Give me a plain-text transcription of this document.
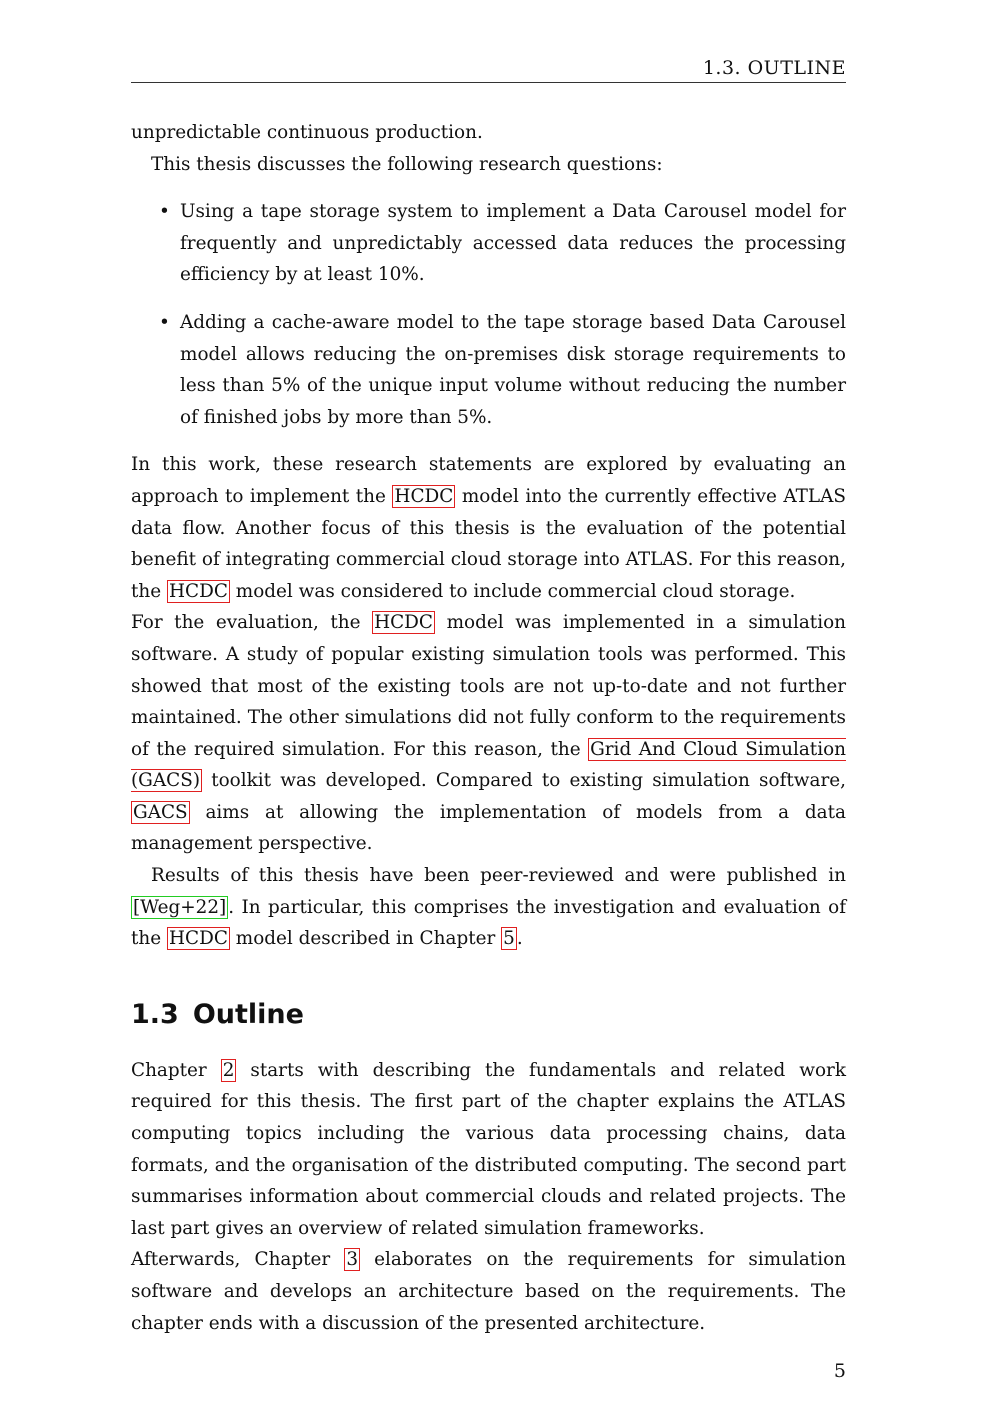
1.3. OUTLINE

unpredictable continuous production.

This thesis discusses the following research questions:

• Using a tape storage system to implement a Data Carousel model for frequently and unpredictably accessed data reduces the processing efficiency by at least 10%.
• Adding a cache-aware model to the tape storage based Data Carousel model allows reducing the on-premises disk storage requirements to less than 5% of the unique input volume without reducing the number of finished jobs by more than 5%.

In this work, these research statements are explored by evaluating an approach to implement the HCDC model into the currently effective ATLAS data flow. Another focus of this thesis is the evaluation of the potential benefit of integrating commercial cloud storage into ATLAS. For this reason, the HCDC model was considered to include commercial cloud storage.

For the evaluation, the HCDC model was implemented in a simulation software. A study of popular existing simulation tools was performed. This showed that most of the existing tools are not up-to-date and not further maintained. The other simulations did not fully conform to the requirements of the required simulation. For this reason, the Grid And Cloud Simulation (GACS) toolkit was developed. Compared to existing simulation software, GACS aims at allowing the implementation of models from a data management perspective.

Results of this thesis have been peer-reviewed and were published in [Weg+22] . In particular, this comprises the investigation and evaluation of the HCDC model described in Chapter 5 .

1.3 Outline

Chapter 2 starts with describing the fundamentals and related work required for this thesis. The first part of the chapter explains the ATLAS computing topics including the various data processing chains, data formats, and the organisation of the distributed computing. The second part summarises information about commercial clouds and related projects. The last part gives an overview of related simulation frameworks.

Afterwards, Chapter 3 elaborates on the requirements for simulation software and develops an architecture based on the requirements. The chapter ends with a discussion of the presented architecture.

5
